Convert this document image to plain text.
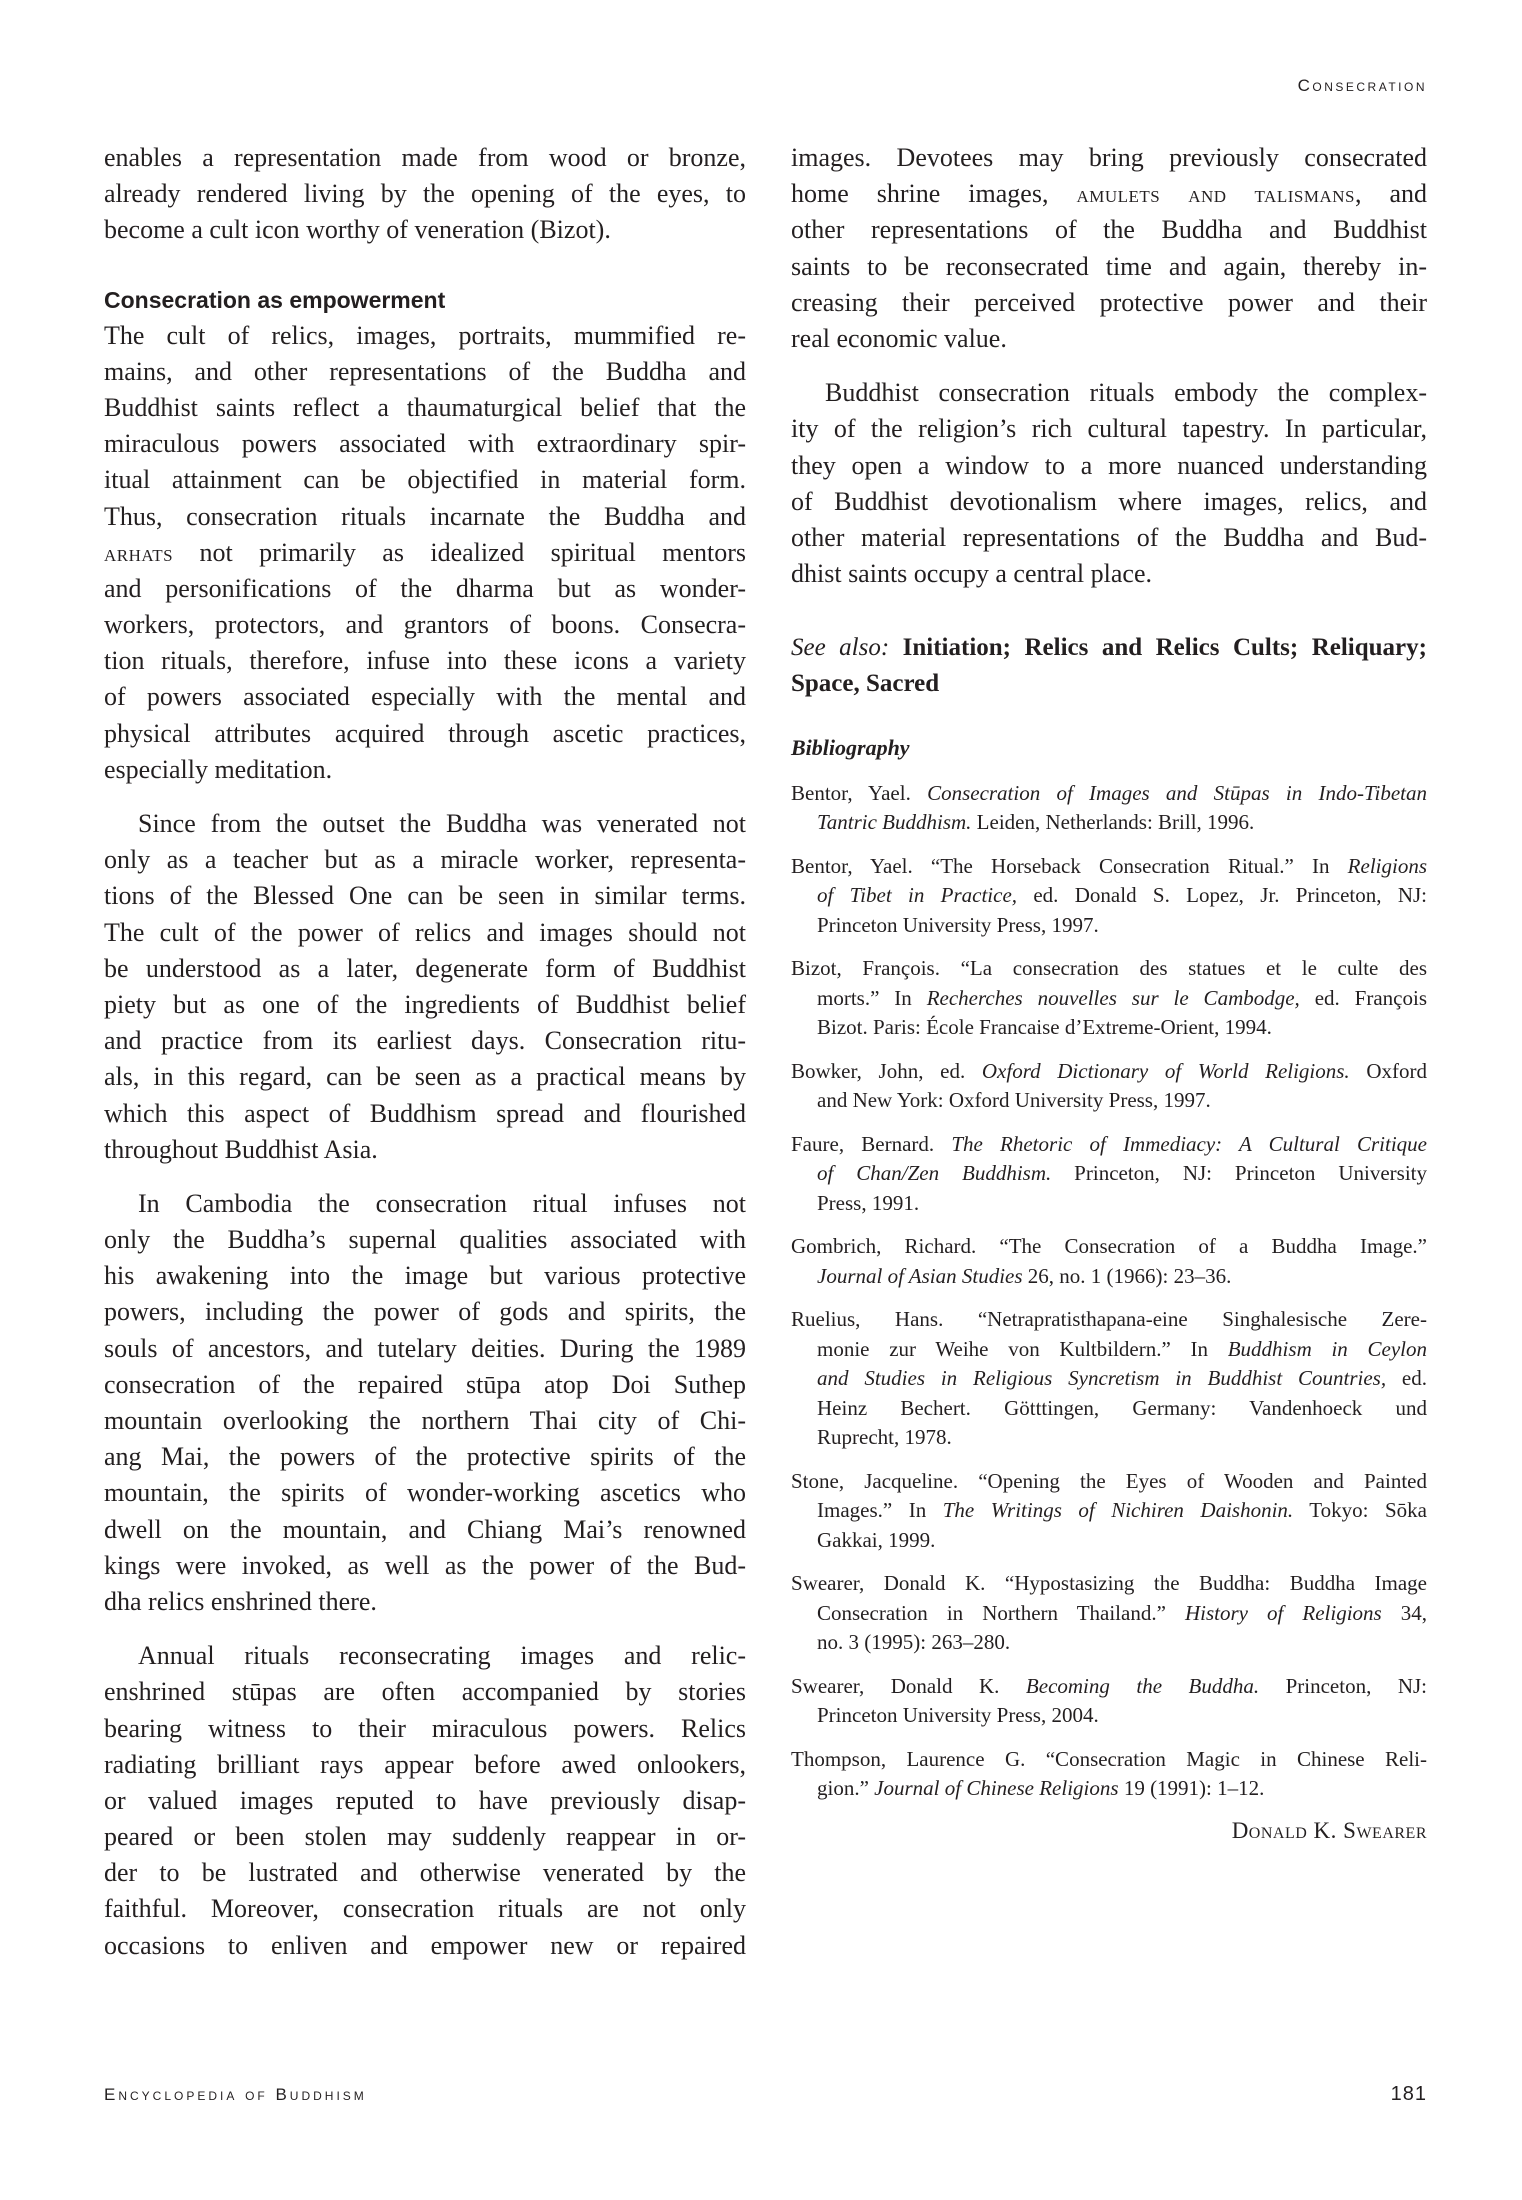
Consecration
enables a representation made from wood or bronze,
already rendered living by the opening of the eyes, to
become a cult icon worthy of veneration (Bizot).
Consecration as empowerment
The cult of relics, images, portraits, mummified re-
mains, and other representations of the Buddha and
Buddhist saints reflect a thaumaturgical belief that the
miraculous powers associated with extraordinary spir-
itual attainment can be objectified in material form.
Thus, consecration rituals incarnate the Buddha and
arhats not primarily as idealized spiritual mentors
and personifications of the dharma but as wonder-
workers, protectors, and grantors of boons. Consecra-
tion rituals, therefore, infuse into these icons a variety
of powers associated especially with the mental and
physical attributes acquired through ascetic practices,
especially meditation.
Since from the outset the Buddha was venerated not
only as a teacher but as a miracle worker, representa-
tions of the Blessed One can be seen in similar terms.
The cult of the power of relics and images should not
be understood as a later, degenerate form of Buddhist
piety but as one of the ingredients of Buddhist belief
and practice from its earliest days. Consecration ritu-
als, in this regard, can be seen as a practical means by
which this aspect of Buddhism spread and flourished
throughout Buddhist Asia.
In Cambodia the consecration ritual infuses not
only the Buddha’s supernal qualities associated with
his awakening into the image but various protective
powers, including the power of gods and spirits, the
souls of ancestors, and tutelary deities. During the 1989
consecration of the repaired stūpa atop Doi Suthep
mountain overlooking the northern Thai city of Chi-
ang Mai, the powers of the protective spirits of the
mountain, the spirits of wonder-working ascetics who
dwell on the mountain, and Chiang Mai’s renowned
kings were invoked, as well as the power of the Bud-
dha relics enshrined there.
Annual rituals reconsecrating images and relic-
enshrined stūpas are often accompanied by stories
bearing witness to their miraculous powers. Relics
radiating brilliant rays appear before awed onlookers,
or valued images reputed to have previously disap-
peared or been stolen may suddenly reappear in or-
der to be lustrated and otherwise venerated by the
faithful. Moreover, consecration rituals are not only
occasions to enliven and empower new or repaired
images. Devotees may bring previously consecrated
home shrine images, amulets and talismans, and
other representations of the Buddha and Buddhist
saints to be reconsecrated time and again, thereby in-
creasing their perceived protective power and their
real economic value.
Buddhist consecration rituals embody the complex-
ity of the religion’s rich cultural tapestry. In particular,
they open a window to a more nuanced understanding
of Buddhist devotionalism where images, relics, and
other material representations of the Buddha and Bud-
dhist saints occupy a central place.
See also: Initiation; Relics and Relics Cults; Reliquary;
Space, Sacred
Bibliography
Bentor, Yael. Consecration of Images and Stūpas in Indo-Tibetan
Tantric Buddhism. Leiden, Netherlands: Brill, 1996.
Bentor, Yael. “The Horseback Consecration Ritual.” In Religions
of Tibet in Practice, ed. Donald S. Lopez, Jr. Princeton, NJ:
Princeton University Press, 1997.
Bizot, François. “La consecration des statues et le culte des
morts.” In Recherches nouvelles sur le Cambodge, ed. François
Bizot. Paris: École Francaise d’Extreme-Orient, 1994.
Bowker, John, ed. Oxford Dictionary of World Religions. Oxford
and New York: Oxford University Press, 1997.
Faure, Bernard. The Rhetoric of Immediacy: A Cultural Critique
of Chan/Zen Buddhism. Princeton, NJ: Princeton University
Press, 1991.
Gombrich, Richard. “The Consecration of a Buddha Image.”
Journal of Asian Studies 26, no. 1 (1966): 23–36.
Ruelius, Hans. “Netrapratisthapana-eine Singhalesische Zere-
monie zur Weihe von Kultbildern.” In Buddhism in Ceylon
and Studies in Religious Syncretism in Buddhist Countries, ed.
Heinz Bechert. Götttingen, Germany: Vandenhoeck und
Ruprecht, 1978.
Stone, Jacqueline. “Opening the Eyes of Wooden and Painted
Images.” In The Writings of Nichiren Daishonin. Tokyo: Sōka
Gakkai, 1999.
Swearer, Donald K. “Hypostasizing the Buddha: Buddha Image
Consecration in Northern Thailand.” History of Religions 34,
no. 3 (1995): 263–280.
Swearer, Donald K. Becoming the Buddha. Princeton, NJ:
Princeton University Press, 2004.
Thompson, Laurence G. “Consecration Magic in Chinese Reli-
gion.” Journal of Chinese Religions 19 (1991): 1–12.
Donald K. Swearer
Encyclopedia of Buddhism	181
